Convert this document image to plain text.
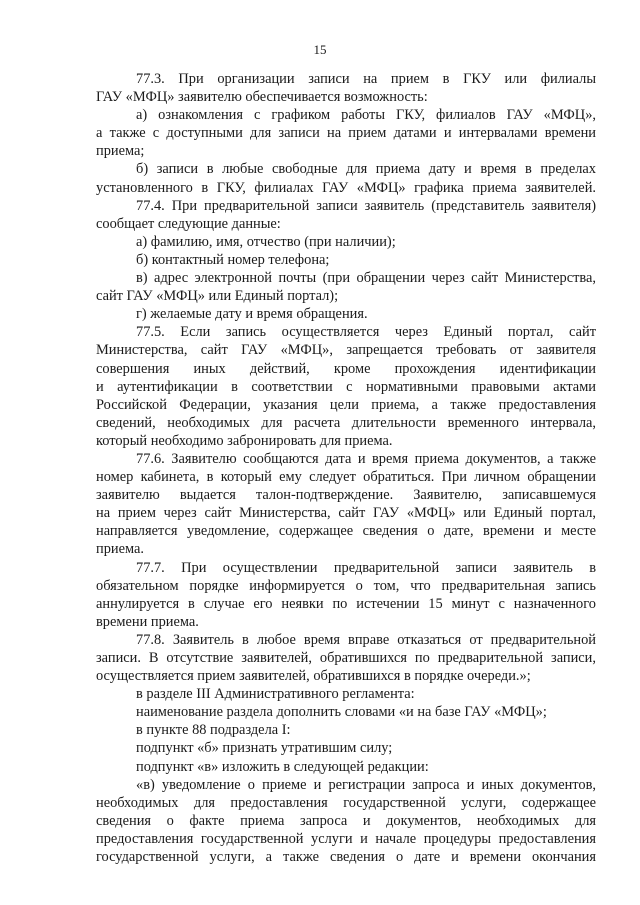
15
77.3. При организации записи на прием в ГКУ или филиалы
ГАУ «МФЦ» заявителю обеспечивается возможность:
а) ознакомления с графиком работы ГКУ, филиалов ГАУ «МФЦ»,
а также с доступными для записи на прием датами и интервалами времени
приема;
б) записи в любые свободные для приема дату и время в пределах
установленного в ГКУ, филиалах ГАУ «МФЦ» графика приема заявителей.
77.4. При предварительной записи заявитель (представитель заявителя)
сообщает следующие данные:
а) фамилию, имя, отчество (при наличии);
б) контактный номер телефона;
в) адрес электронной почты (при обращении через сайт Министерства,
сайт ГАУ «МФЦ» или Единый портал);
г) желаемые дату и время обращения.
77.5. Если запись осуществляется через Единый портал, сайт
Министерства, сайт ГАУ «МФЦ», запрещается требовать от заявителя
совершения иных действий, кроме прохождения идентификации
и аутентификации в соответствии с нормативными правовыми актами
Российской Федерации, указания цели приема, а также предоставления
сведений, необходимых для расчета длительности временного интервала,
который необходимо забронировать для приема.
77.6. Заявителю сообщаются дата и время приема документов, а также
номер кабинета, в который ему следует обратиться. При личном обращении
заявителю выдается талон-подтверждение. Заявителю, записавшемуся
на прием через сайт Министерства, сайт ГАУ «МФЦ» или Единый портал,
направляется уведомление, содержащее сведения о дате, времени и месте
приема.
77.7. При осуществлении предварительной записи заявитель в
обязательном порядке информируется о том, что предварительная запись
аннулируется в случае его неявки по истечении 15 минут с назначенного
времени приема.
77.8. Заявитель в любое время вправе отказаться от предварительной
записи. В отсутствие заявителей, обратившихся по предварительной записи,
осуществляется прием заявителей, обратившихся в порядке очереди.»;
в разделе III Административного регламента:
наименование раздела дополнить словами «и на базе ГАУ «МФЦ»;
в пункте 88 подраздела I:
подпункт «б» признать утратившим силу;
подпункт «в» изложить в следующей редакции:
«в) уведомление о приеме и регистрации запроса и иных документов,
необходимых для предоставления государственной услуги, содержащее
сведения о факте приема запроса и документов, необходимых для
предоставления государственной услуги и начале процедуры предоставления
государственной услуги, а также сведения о дате и времени окончания
